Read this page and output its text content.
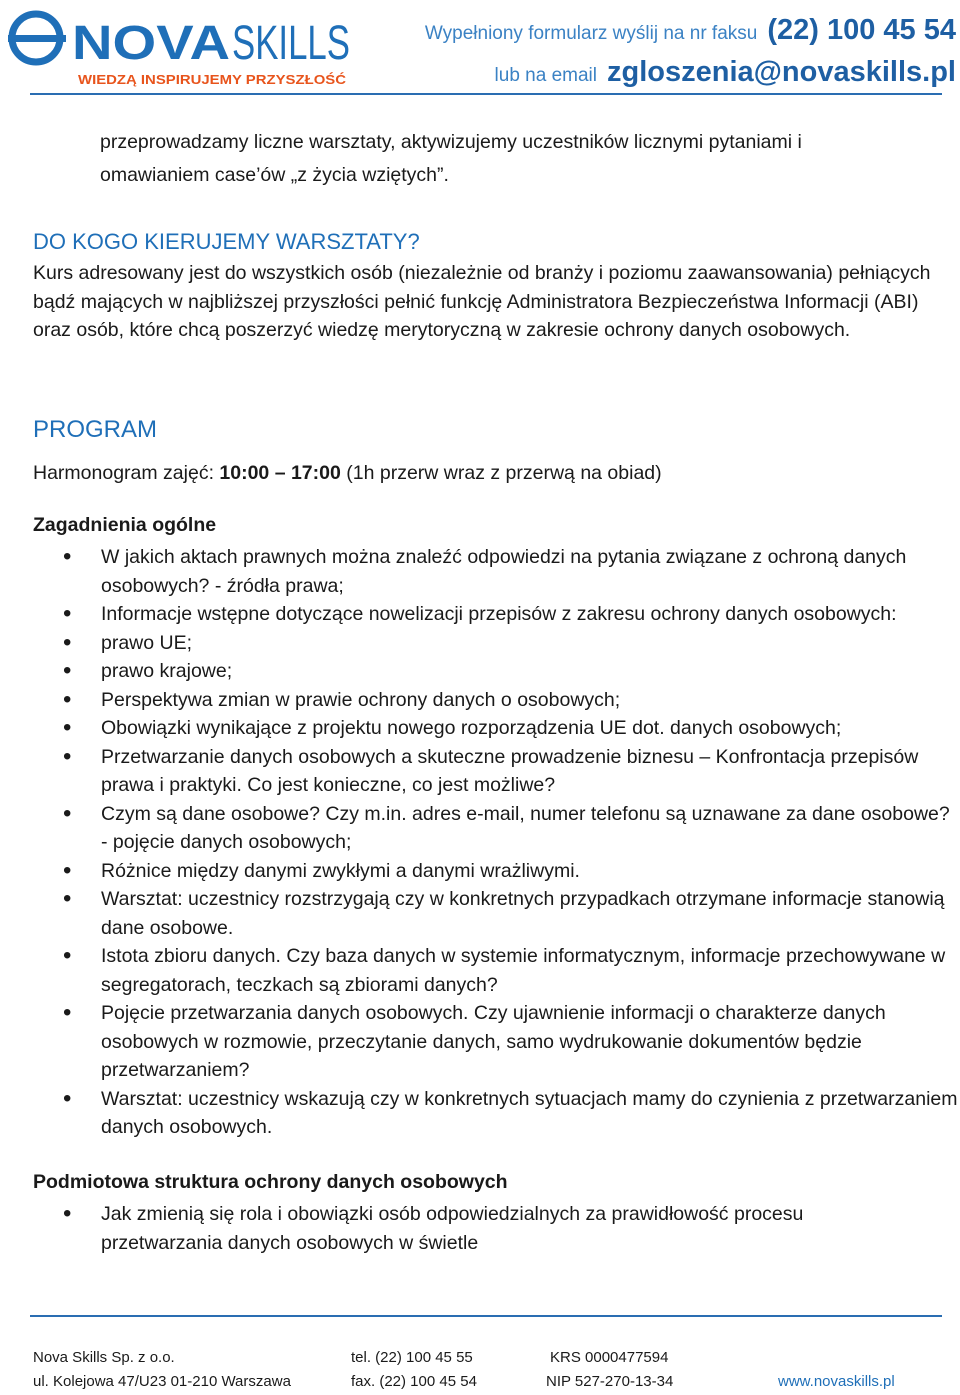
NOVA SKILLS
WIEDZĄ INSPIRUJEMY PRZYSZŁOŚĆ
Wypełniony formularz wyślij na nr faksu (22) 100 45 54
lub na email zgloszenia@novaskills.pl
przeprowadzamy liczne warsztaty, aktywizujemy uczestników licznymi pytaniami i
omawianiem case’ów „z życia wziętych”.
DO KOGO KIERUJEMY WARSZTATY?
Kurs adresowany jest do wszystkich osób (niezależnie od branży i poziomu zaawansowania) pełniących bądź mających w najbliższej przyszłości pełnić funkcję Administratora Bezpieczeństwa Informacji (ABI) oraz osób, które chcą poszerzyć wiedzę merytoryczną w zakresie ochrony danych osobowych.
PROGRAM
Harmonogram zajęć: 10:00 – 17:00 (1h przerw wraz z przerwą na obiad)
Zagadnienia ogólne
• W jakich aktach prawnych można znaleźć odpowiedzi na pytania związane z ochroną danych osobowych? - źródła prawa;
• Informacje wstępne dotyczące nowelizacji przepisów z zakresu ochrony danych osobowych:
• prawo UE;
• prawo krajowe;
• Perspektywa zmian w prawie ochrony danych o osobowych;
• Obowiązki wynikające z projektu nowego rozporządzenia UE dot. danych osobowych;
• Przetwarzanie danych osobowych a skuteczne prowadzenie biznesu – Konfrontacja przepisów prawa i praktyki. Co jest konieczne, co jest możliwe?
• Czym są dane osobowe? Czy m.in. adres e-mail, numer telefonu są uznawane za dane osobowe? - pojęcie danych osobowych;
• Różnice między danymi zwykłymi a danymi wrażliwymi.
• Warsztat: uczestnicy rozstrzygają czy w konkretnych przypadkach otrzymane informacje stanowią dane osobowe.
• Istota zbioru danych. Czy baza danych w systemie informatycznym, informacje przechowywane w segregatorach, teczkach są zbiorami danych?
• Pojęcie przetwarzania danych osobowych. Czy ujawnienie informacji o charakterze danych osobowych w rozmowie, przeczytanie danych, samo wydrukowanie dokumentów będzie przetwarzaniem?
• Warsztat: uczestnicy wskazują czy w konkretnych sytuacjach mamy do czynienia z przetwarzaniem danych osobowych.
Podmiotowa struktura ochrony danych osobowych
• Jak zmienią się rola i obowiązki osób odpowiedzialnych za prawidłowość procesu przetwarzania danych osobowych w świetle
Nova Skills Sp. z o.o.
ul. Kolejowa 47/U23 01-210 Warszawa
tel. (22) 100 45 55
fax. (22) 100 45 54
KRS 0000477594
NIP 527-270-13-34	www.novaskills.pl
